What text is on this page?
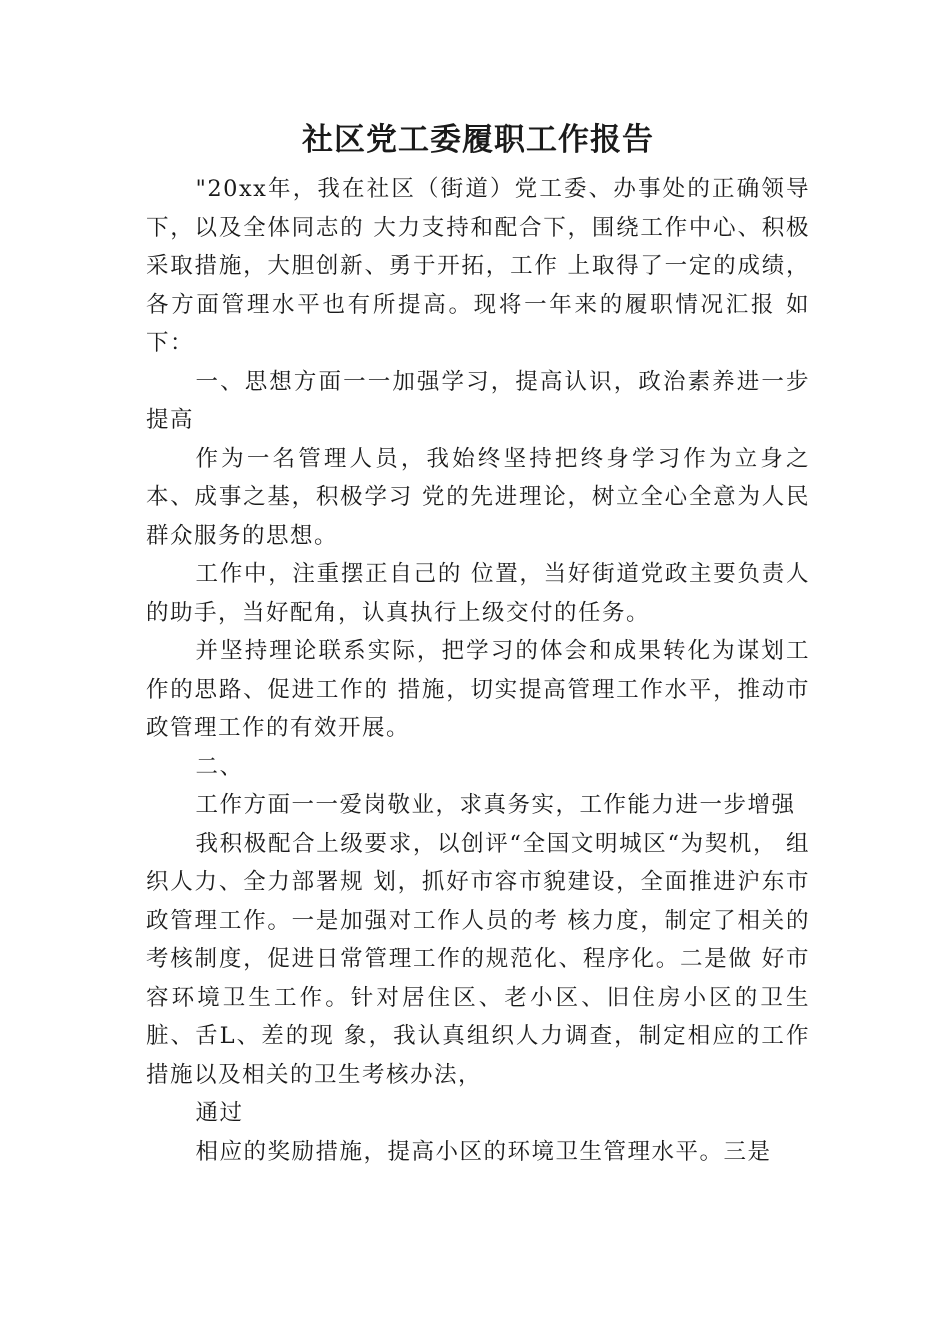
社区党工委履职工作报告

"20xx年，我在社区（街道）党工委、办事处的正确领导下，以及全体同志的 大力支持和配合下，围绕工作中心、积极采取措施，大胆创新、勇于开拓，工作 上取得了一定的成绩，各方面管理水平也有所提高。现将一年来的履职情况汇报 如下：

一、思想方面一一加强学习，提高认识，政治素养进一步提高

作为一名管理人员，我始终坚持把终身学习作为立身之本、成事之基，积极学习 党的先进理论，树立全心全意为人民群众服务的思想。

工作中，注重摆正自己的 位置，当好街道党政主要负责人的助手，当好配角，认真执行上级交付的任务。

并坚持理论联系实际，把学习的体会和成果转化为谋划工作的思路、促进工作的 措施，切实提高管理工作水平，推动市政管理工作的有效开展。

二、

工作方面一一爱岗敬业，求真务实，工作能力进一步增强

我积极配合上级要求，以创评“全国文明城区“为契机， 组织人力、全力部署规 划，抓好市容市貌建设，全面推进沪东市政管理工作。一是加强对工作人员的考 核力度，制定了相关的考核制度，促进日常管理工作的规范化、程序化。二是做 好市容环境卫生工作。针对居住区、老小区、旧住房小区的卫生脏、舌L、差的现 象，我认真组织人力调查，制定相应的工作措施以及相关的卫生考核办法，

通过

相应的奖励措施，提高小区的环境卫生管理水平。三是
